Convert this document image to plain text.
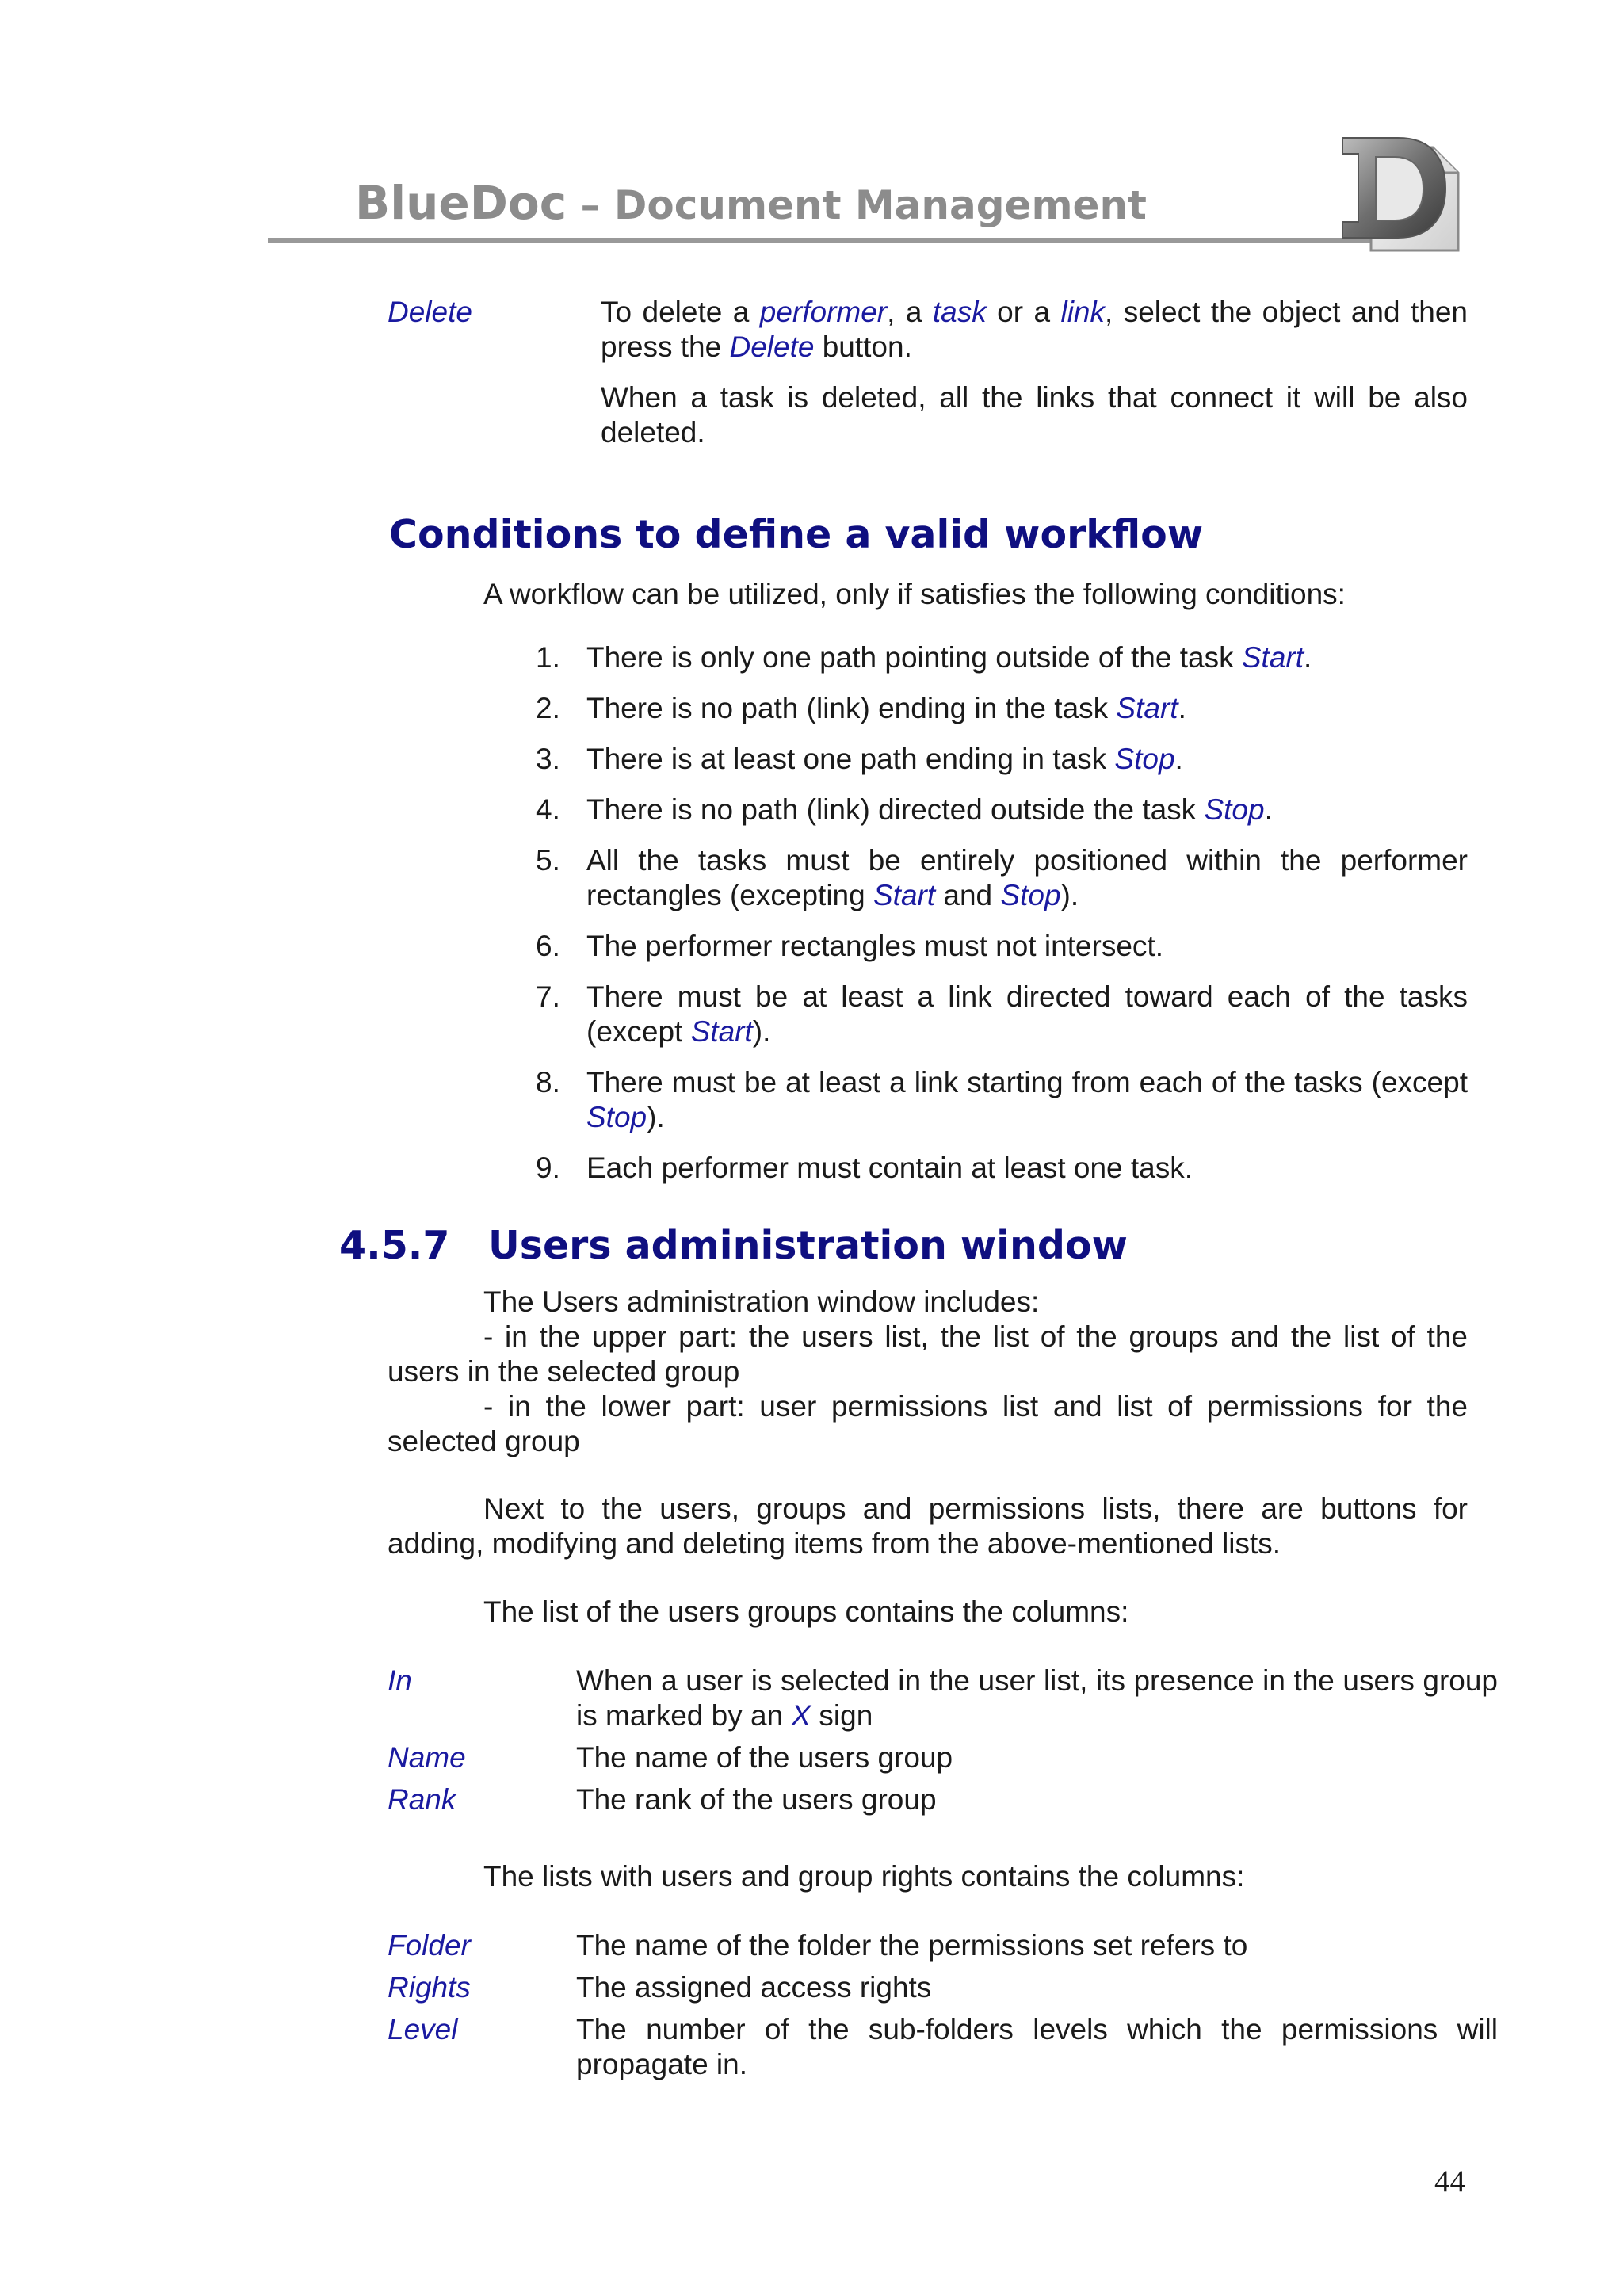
BlueDoc – Document Management
Delete	To delete a performer, a task or a link, select the object and then press the Delete button.
When a task is deleted, all the links that connect it will be also deleted.
Conditions to define a valid workflow
A workflow can be utilized, only if satisfies the following conditions:
1. There is only one path pointing outside of the task Start.
2. There is no path (link) ending in the task Start.
3. There is at least one path ending in task Stop.
4. There is no path (link) directed outside the task Stop.
5. All the tasks must be entirely positioned within the performer rectangles (excepting Start and Stop).
6. The performer rectangles must not intersect.
7. There must be at least a link directed toward each of the tasks (except Start).
8. There must be at least a link starting from each of the tasks (except Stop).
9. Each performer must contain at least one task.
4.5.7 Users administration window
The Users administration window includes:
- in the upper part: the users list, the list of the groups and the list of the users in the selected group
- in the lower part: user permissions list and list of permissions for the selected group
Next to the users, groups and permissions lists, there are buttons for adding, modifying and deleting items from the above-mentioned lists.
The list of the users groups contains the columns:
In	When a user is selected in the user list, its presence in the users group is marked by an X sign
Name	The name of the users group
Rank	The rank of the users group
The lists with users and group rights contains the columns:
Folder	The name of the folder the permissions set refers to
Rights	The assigned access rights
Level	The number of the sub-folders levels which the permissions will propagate in.
44
